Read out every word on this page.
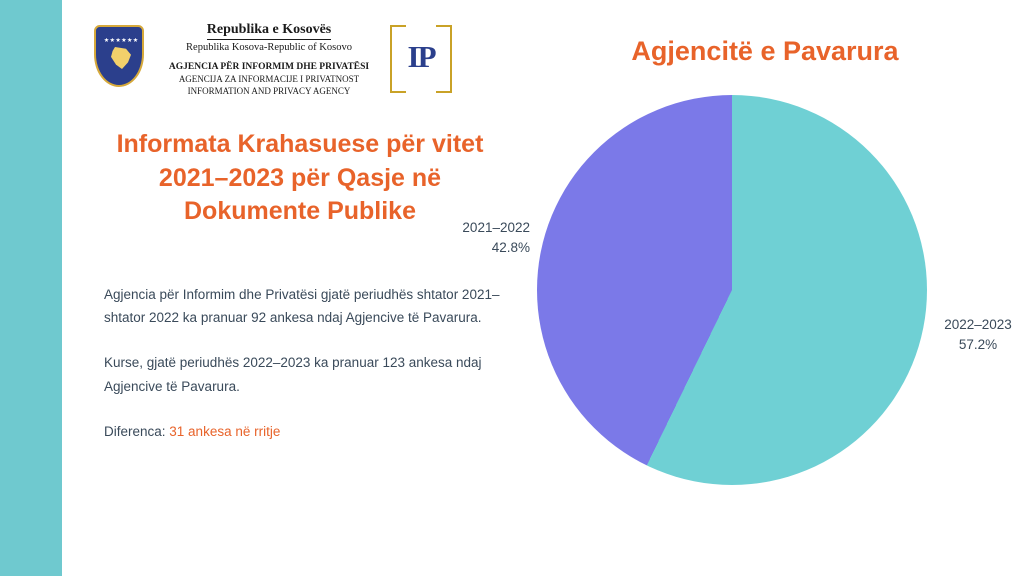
Republika e Kosovës
Republika Kosova-Republic of Kosovo
AGJENCIA PËR INFORMIM DHE PRIVATËSI
AGENCIJA ZA INFORMACIJE I PRIVATNOST
INFORMATION AND PRIVACY AGENCY
IP
Informata Krahasuese për vitet 2021–2023 për Qasje në Dokumente Publike

Agjencia për Informim dhe Privatësi gjatë periudhës shtator 2021– shtator 2022 ka pranuar 92 ankesa ndaj Agjencive të Pavarura.

Kurse, gjatë periudhës 2022–2023 ka pranuar 123 ankesa ndaj Agjencive të Pavarura.

Diferenca: 31 ankesa në rritje

Agjencitë e Pavarura
2021–2022
42.8%
2022–2023
57.2%
